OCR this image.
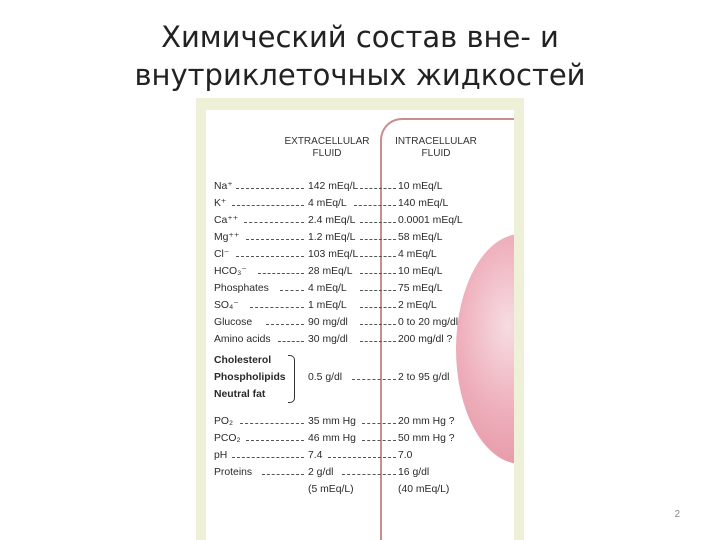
Химический состав вне- и внутриклеточных жидкостей
EXTRACELLULAR
FLUID
INTRACELLULAR
FLUID
Na⁺	142 mEq/L	10 mEq/L
K⁺	4 mEq/L	140 mEq/L
Ca⁺⁺	2.4 mEq/L	0.0001 mEq/L
Mg⁺⁺	1.2 mEq/L	58 mEq/L
Cl⁻	103 mEq/L	4 mEq/L
HCO₃⁻	28 mEq/L	10 mEq/L
Phosphates	4 mEq/L	75 mEq/L
SO₄⁻	1 mEq/L	2 mEq/L
Glucose	90 mg/dl	0 to 20 mg/dl
Amino acids	30 mg/dl	200 mg/dl ?
Cholesterol
Phospholipids 0.5 g/dl	2 to 95 g/dl
Neutral fat
PO₂	35 mm Hg	20 mm Hg ?
PCO₂	46 mm Hg	50 mm Hg ?
pH	7.4	7.0
Proteins	2 g/dl	16 g/dl
(5 mEq/L)	(40 mEq/L)
2
